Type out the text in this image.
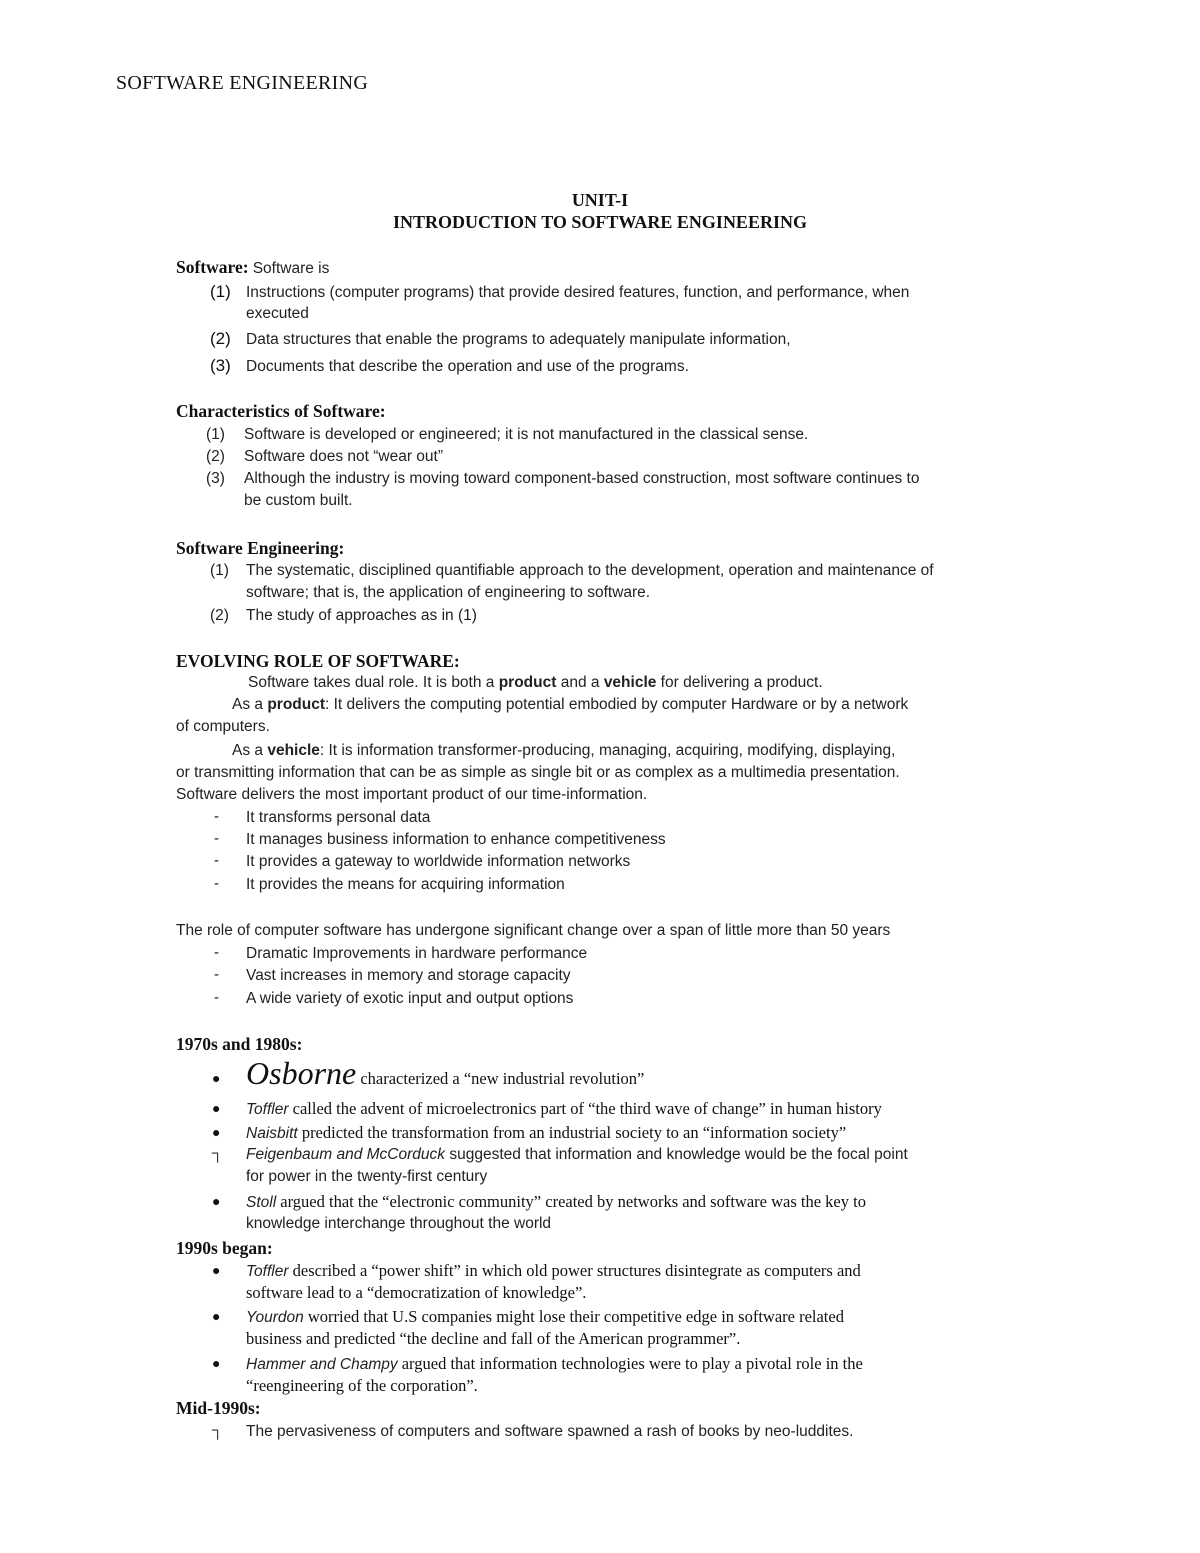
SOFTWARE ENGINEERING
UNIT-I
INTRODUCTION TO SOFTWARE ENGINEERING
Software: Software is
(1) Instructions (computer programs) that provide desired features, function, and performance, when
executed
(2) Data structures that enable the programs to adequately manipulate information,
(3) Documents that describe the operation and use of the programs.
Characteristics of Software:
(1) Software is developed or engineered; it is not manufactured in the classical sense.
(2) Software does not “wear out”
(3) Although the industry is moving toward component-based construction, most software continues to
be custom built.
Software Engineering:
(1) The systematic, disciplined quantifiable approach to the development, operation and maintenance of
software; that is, the application of engineering to software.
(2) The study of approaches as in (1)
EVOLVING ROLE OF SOFTWARE:
Software takes dual role. It is both a product and a vehicle for delivering a product.
As a product: It delivers the computing potential embodied by computer Hardware or by a network
of computers.
As a vehicle: It is information transformer-producing, managing, acquiring, modifying, displaying,
or transmitting information that can be as simple as single bit or as complex as a multimedia presentation.
Software delivers the most important product of our time-information.
- It transforms personal data
- It manages business information to enhance competitiveness
- It provides a gateway to worldwide information networks
- It provides the means for acquiring information
The role of computer software has undergone significant change over a span of little more than 50 years
- Dramatic Improvements in hardware performance
- Vast increases in memory and storage capacity
- A wide variety of exotic input and output options
1970s and 1980s:
● Osborne characterized a “new industrial revolution”
● Toffler called the advent of microelectronics part of “the third wave of change” in human history
● Naisbitt predicted the transformation from an industrial society to an “information society”
┐ Feigenbaum and McCorduck suggested that information and knowledge would be the focal point
for power in the twenty-first century
● Stoll argued that the “electronic community” created by networks and software was the key to
knowledge interchange throughout the world
1990s began:
● Toffler described a “power shift” in which old power structures disintegrate as computers and
software lead to a “democratization of knowledge”.
● Yourdon worried that U.S companies might lose their competitive edge in software related
business and predicted “the decline and fall of the American programmer”.
● Hammer and Champy argued that information technologies were to play a pivotal role in the
“reengineering of the corporation”.
Mid-1990s:
┐ The pervasiveness of computers and software spawned a rash of books by neo-luddites.
